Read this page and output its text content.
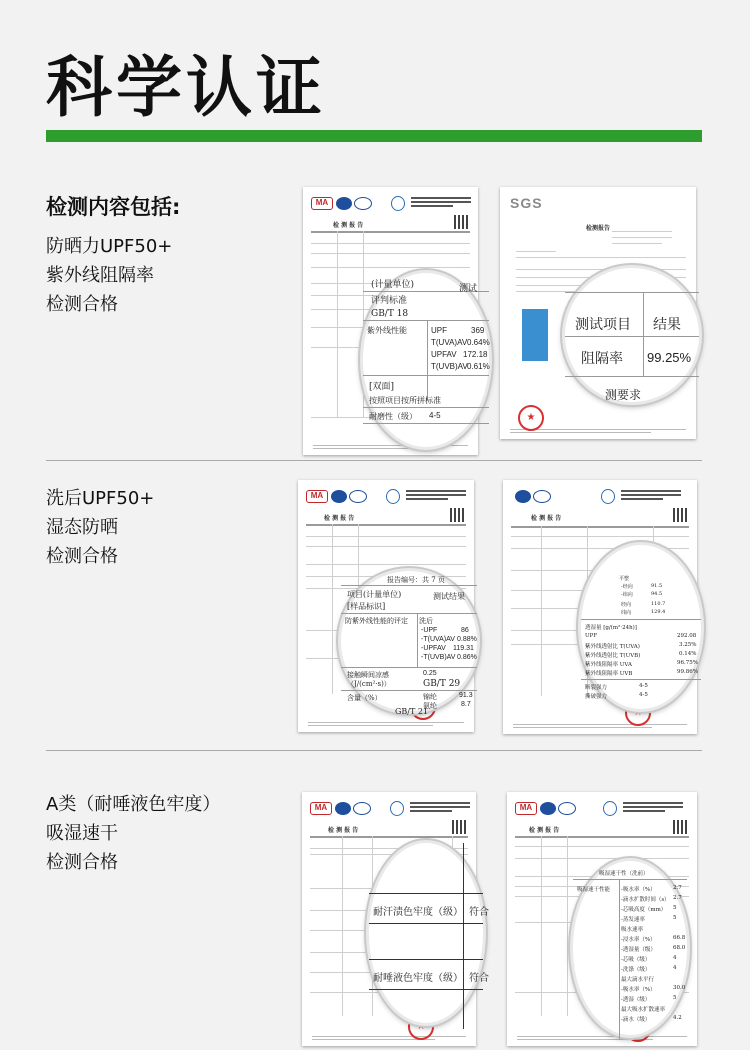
科学认证
检测内容包括:
防晒力UPF50+
紫外线阻隔率
检测合格
MA
检 测 报 告
★
(计量单位)	测试
评判标准
GB/T 18
紫外线性能	UPF	369
T(UVA)AV 0.64%
UPFAV 172.18
T(UVB)AV 0.61%
[双面]
按照项目按所拼标准
耐磨性（级） 4-5
SGS
检测报告
★
测试项目 结果
阻隔率 99.25%
测要求
洗后UPF50+
湿态防晒
检测合格
MA
检 测 报 告
★
报告编号：共 7 页
项目(计量单位)	测试结果
[样品标识]
防紫外线性能的评定 洗后
-UPF	86
-T(UVA)AV 0.88%
-UPFAV 119.31
-T(UVB)AV 0.86%
接触瞬间凉感	0.25
（J/(cm²·s)）	GB/T 29
含量（%）	锦纶	91.3
氨纶	8.7
GB/T 21
检 测 报 告
★
平整
-经向	91.5
-纬向	94.5
经向	110.7
纬向	129.4
透湿量 [g/(m²·24h)]
UPF	292.08
紫外线透射比 T(UVA)	3.25%
紫外线透射比 T(UVB)	0.14%
紫外线阻隔率 UVA	96.75%
紫外线阻隔率 UVB	99.86%
断裂强力	4-5
撕破强力	4-5
A类（耐唾液色牢度）
吸湿速干
检测合格
MA
检 测 报 告
★
耐汗渍色牢度（级） 符合
耐唾液色牢度（级） 符合
MA
检 测 报 告
★
吸湿速干性（洗前）
吸湿速干性能 -吸水率（%）	2.7
-滴水扩散时间（s） 2.7
-芯吸高度（mm） 5
-蒸发速率	5
吸水速率
-浸水率（%）	66.8
-透湿量（级）	68.0
-芯吸（级）	4
-洗涤（级）	4
最大滴水平行
-吸水率（%）	30.0
-透湿（级）	5
最大吸水扩散速率
-滴水（级）	4.2
